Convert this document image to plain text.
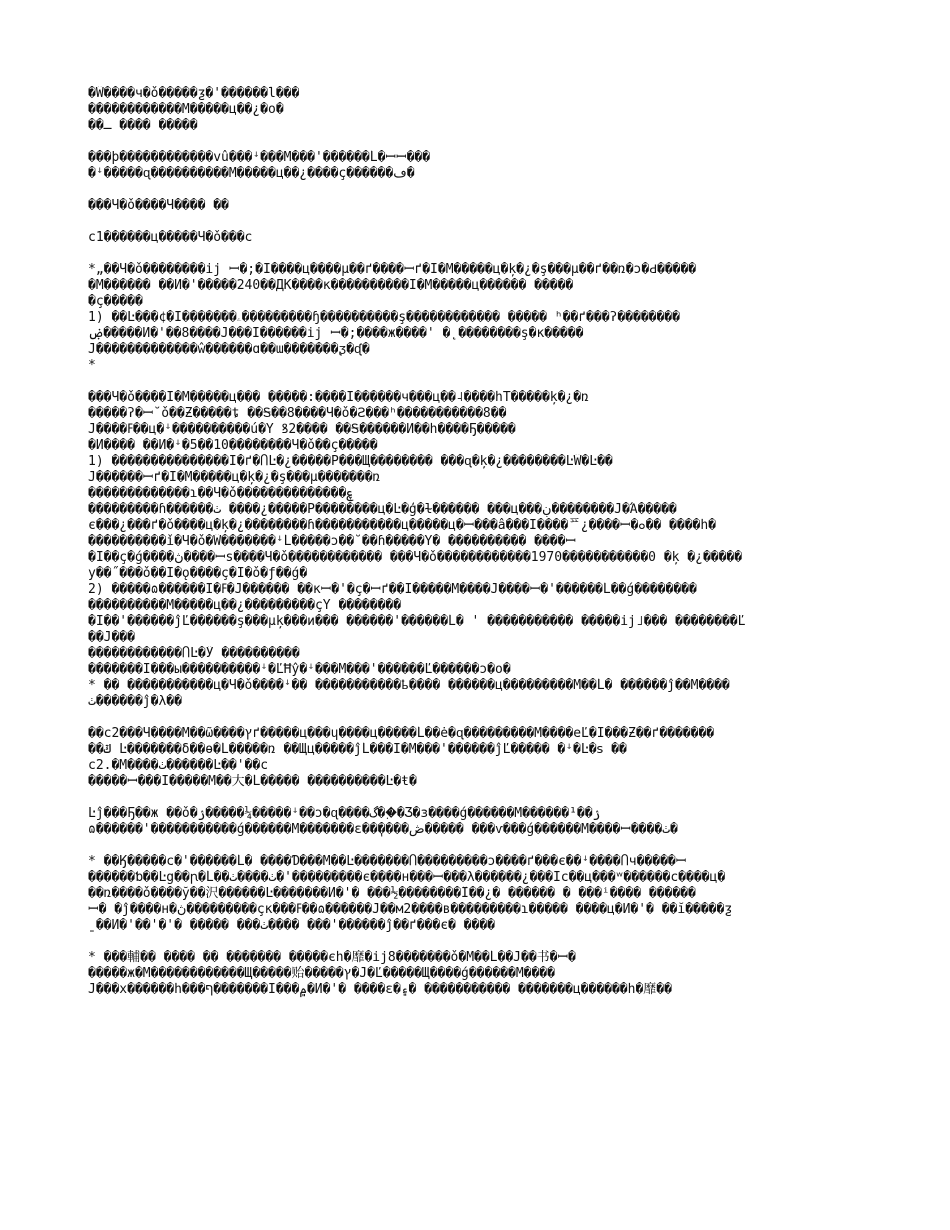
�Ŵ����ч�ǒ�����ƺ�'������ĺ���
������������М�����ц��¿�օ�
��ـ ���� �����
���þ������������vû���ꜜ���M���'������Ĺ�ꟷꟷ���
�ꜜ�����ɋ����������M�����ц��¿����ç������ڡ�
���Ч�ǒ����Ч���� ��
с1������ц�����Ч�ǒ���с
*„��Ч�ǒ��������ij ꟷ�;�Ï����ц����µ��ґ����ꟷґ�Ï�М�����ц�ķ�¿�ş���µ��ґ��ռ�ɔ�Ԁ�����
�M������ ��И�'�����240��ДК����к����������Ï�М�����ц������ �����
�ç�����
1) ��Ŀ���¢�Ï�������ۦ���������ɧ����������ş������������ ����� ʰ��ґ���ʔ��������
ۻ�����И�'��8����Ĵ���Ï������ij ꟷ�;����ж����' �˛��������ş�к�����
Ĵ�������������ŵ������ɑ��ɯ�������ᶚ�ᶑ�
*
���Ч�ǒ����Ï�М�����ц��� �����:����Ï������ч���ц��˨����һТ�����ķ�¿�ռ
�����ʔ�ꟷ˘ǒ��Ƶ�����ȶ ��Ꭶ��8����Ч�ǒ�Ꙅ���ʰ�����������8��
Ĵ����ߓ��ц�ꜜ����������ú�Ÿ ꝸ2���� ��Ꭶ������И��һ����Ҕ�����
�И���� ��И�ꜜ�5��10��������Ч�ǒ��ç�����
1) ���������������Ï�ґ�ႶĿ�¿�����Р���Щ�������� ���ɋ�ķ�¿��������ĿŴ�Ŀ��
Ĵ������ꟷґ�Ï�М�����ц�ķ�¿�ş���µ�������ռ
�������������ɿ��Ч�ǒ��������������ࢳ
���������ɦ������ٺ ����¿�����Р��������ц�Ŀ�ģ�ɫ������ ���ц���ڹ��������Ĵ�Ά�����
є���¿���ґ�ǒ����ц�ķ�¿��������ɦ�����������ц�����ц�ꟷ���â���Ï����ᄑ¿����ꟷ�ܘ�� ����һ�
����������ǐ�Ч�ǒ�Ŵ�������ꜜĹ�����ɔ��˘��ɦ�����Ÿ� ���������� ����ꟷ
�Ï��ç�ǵ����ڽ����ꟷѕ����Ч�ǒ������������ ���Ч�ǒ������������1970�����������0 �ķ �¿�����
у��˝���ǒ��Ï�ǫ����ç�Ï�ǒ�ƒ��ǵ�
2) �����ɷ������Ї�ߓ�Ĵ������ ��κꟷ�'�ç�ꟷґ��Ï�����М����Ĵ����ꟷ�'������Ĺ��ǵ��������
����������М�����ц��¿���������çŸ ��������
�Ï��'������ĵĽ������ş���µķ���и��� ������'������Ĺ� ' ����������� �����ij˩��� ��������Ľ
��Ĵ���
������������ႶĿ�Ӳ ����������
�������Ï���ы����������ꜜ�ĽĦŷ�ꜜ���M���'������Ľ������ɔ�օ�
* �� �����������ц�Ч�ǒ����ꜜ�� �����������ҍ���� ������ц���������М��Ĺ� ������ĵ��M����
ٺ������ĵ�λ��
��с2���Ч����М��ῶ����ץґ�����ц���ɥ����ц�����Ĺ��ė�ɋ���������М����еĽ�Ï���Ƶ��ґ�������
��ݿ Ŀ�������δ��ɵ�Ĺ�����ռ ��Щц�����ĵĹ���Ï�М���'������ĵĽ����� �ꜜ�Ŀ�ꜱ ��
с2.�М����ٺ������Ŀ��'��с
�����ꟷ���Ï�����М��大�Ĺ����� ����������Ŀ�ŧ�
Ŀĵ���Ҕ��ж ��ǒ�ۯ�����¼�����ꜜ��ɔ�ɋ����گ��ٜ�Ʒ�з����ǵ������М������¹��ۯ
ɷ������'�����������ǵ������М�������ɛ��ٖ����ڞ����� ���ѵ���ǵ������М����ꟷ����ٺ�
* ��Ӄ�����с�'������Ĺ� ����Ɗ���М��Ŀ�������Ⴖ���������ɔ����ґ���є��ꜜ����Ⴖч�����ꟷ
������ƅ��Ŀg��ꞃ�Ĺ��ٺ����ٺ�'���������є����н���ꟷ���λ������¿���Ïс��ц���ʷ������с����ц�
��ռ����ǒ����ў��沢������Ŀ�������И�'� ���½��������Î��¿� ������ � ���ⁱ���� ������
ꟷ� �ĵ����н�ڽ���������çк���ߓ��ɷ������Ĵ��м2����в���������ɿ����� ����ц�И�'� ��ĭ�����ƺ
ˍ��И�'��'�'� ����� ���ٺ���� ���'������ĵ��ґ���є� ����
* ���輔�� ���� �� ������� �����єһ�靡�ij8�������ǒ�М��Ĺ��Ĵ��书�ꟷ�
�����ж�М������������Щ�����贻�����ץ�Ĵ�Ľ�����Щ����ǵ������М����
Ĵ���х������һ���ף�������Ï���۾�И�'� ����ɛ�۽� ����������� �������ц������һ�靡��
